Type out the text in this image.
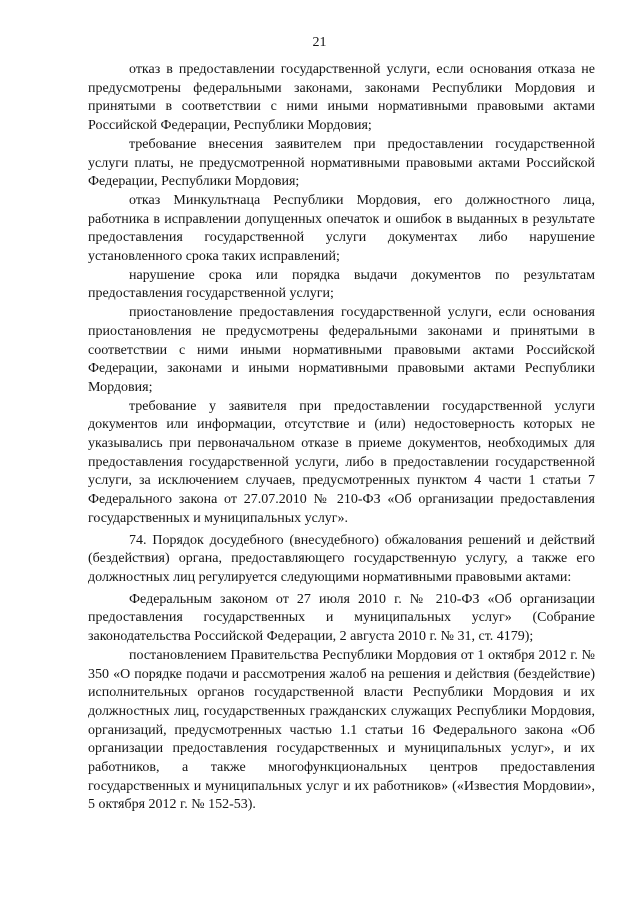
21

отказ в предоставлении государственной услуги, если основания отказа не предусмотрены федеральными законами, законами Республики Мордовия и принятыми в соответствии с ними иными нормативными правовыми актами Российской Федерации, Республики Мордовия;

требование внесения заявителем при предоставлении государственной услуги платы, не предусмотренной нормативными правовыми актами Российской Федерации, Республики Мордовия;

отказ Минкультнаца Республики Мордовия, его должностного лица, работника в исправлении допущенных опечаток и ошибок в выданных в результате предоставления государственной услуги документах либо нарушение установленного срока таких исправлений;

нарушение срока или порядка выдачи документов по результатам предоставления государственной услуги;

приостановление предоставления государственной услуги, если основания приостановления не предусмотрены федеральными законами и принятыми в соответствии с ними иными нормативными правовыми актами Российской Федерации, законами и иными нормативными правовыми актами Республики Мордовия;

требование у заявителя при предоставлении государственной услуги документов или информации, отсутствие и (или) недостоверность которых не указывались при первоначальном отказе в приеме документов, необходимых для предоставления государственной услуги, либо в предоставлении государственной услуги, за исключением случаев, предусмотренных пунктом 4 части 1 статьи 7 Федерального закона от 27.07.2010 № 210-ФЗ «Об организации предоставления государственных и муниципальных услуг».

74. Порядок досудебного (внесудебного) обжалования решений и действий (бездействия) органа, предоставляющего государственную услугу, а также его должностных лиц регулируется следующими нормативными правовыми актами:

Федеральным законом от 27 июля 2010 г. № 210-ФЗ «Об организации предоставления государственных и муниципальных услуг» (Собрание законодательства Российской Федерации, 2 августа 2010 г. № 31, ст. 4179);

постановлением Правительства Республики Мордовия от 1 октября 2012 г. № 350 «О порядке подачи и рассмотрения жалоб на решения и действия (бездействие) исполнительных органов государственной власти Республики Мордовия и их должностных лиц, государственных гражданских служащих Республики Мордовия, организаций, предусмотренных частью 1.1 статьи 16 Федерального закона «Об организации предоставления государственных и муниципальных услуг», и их работников, а также многофункциональных центров предоставления государственных и муниципальных услуг и их работников» («Известия Мордовии», 5 октября 2012 г. № 152-53).
